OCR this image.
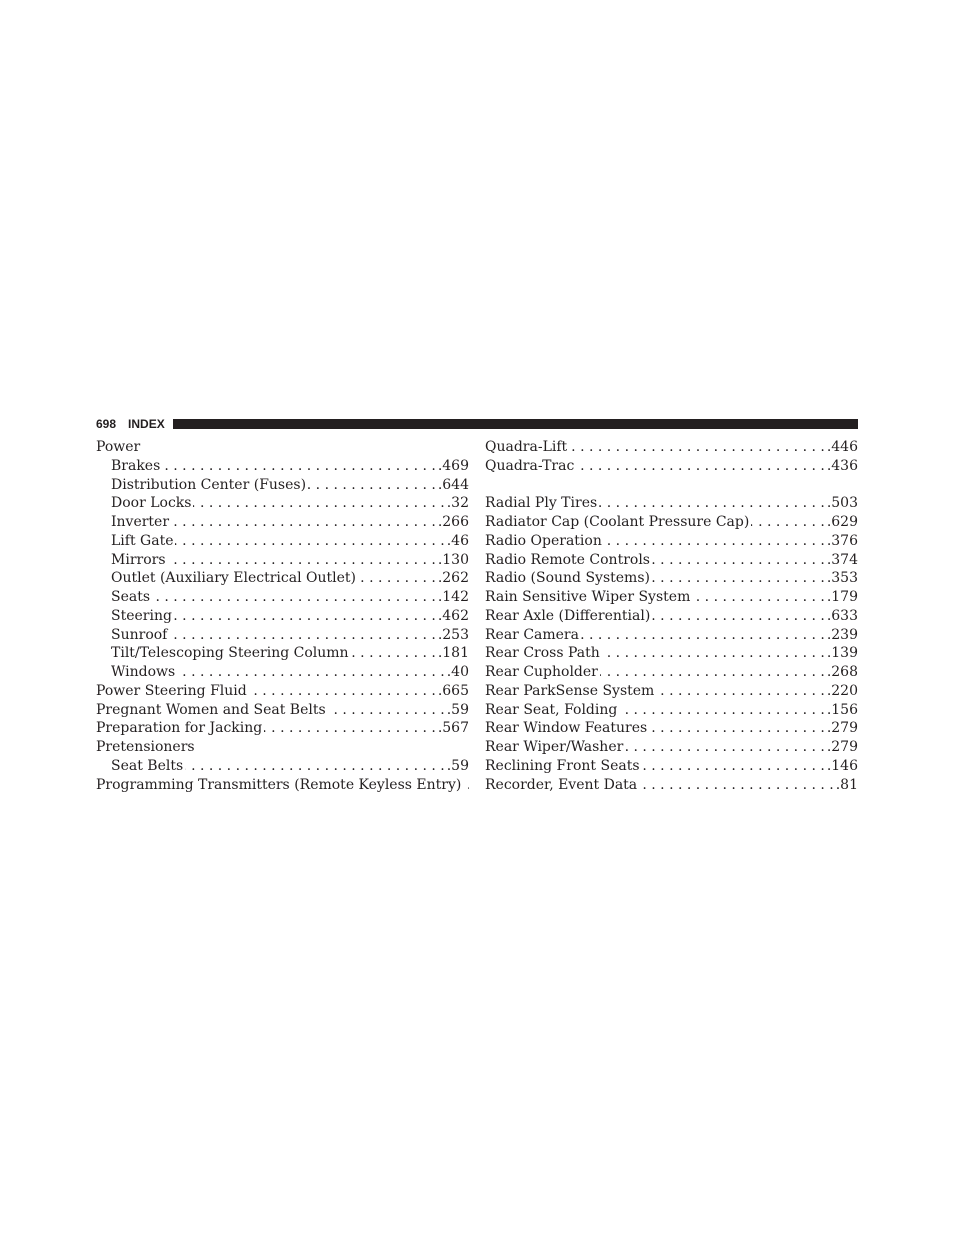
698 INDEX
Power
Brakes . . .	.469
Distribution Center (Fuses) . . .	.644
Door Locks . . .	.32
Inverter . . .	.266
Lift Gate . . .	.46
Mirrors . . .	.130
Outlet (Auxiliary Electrical Outlet) . . .	.262
Seats . . .	.142
Steering . . .	.462
Sunroof . . .	.253
Tilt/Telescoping Steering Column . . .	.181
Windows . . .	.40
Power Steering Fluid . . .	.665
Pregnant Women and Seat Belts . . .	.59
Preparation for Jacking . . .	.567
Pretensioners
Seat Belts . . .	.59
Programming Transmitters (Remote Keyless Entry)
. . .
Quadra-Lift . . .	.446
Quadra-Trac . . .	.436
Radial Ply Tires . . .	.503
Radiator Cap (Coolant Pressure Cap) . . .	.629
Radio Operation . . .	.376
Radio Remote Controls . . .	.374
Radio (Sound Systems) . . .	.353
Rain Sensitive Wiper System . . .	.179
Rear Axle (Differential) . . .	.633
Rear Camera . . .	.239
Rear Cross Path . . .	.139
Rear Cupholder . . .	.268
Rear ParkSense System . . .	.220
Rear Seat, Folding . . .	.156
Rear Window Features . . .	.279
Rear Wiper/Washer . . .	.279
Reclining Front Seats . . .	.146
Recorder, Event Data . . .	.81
